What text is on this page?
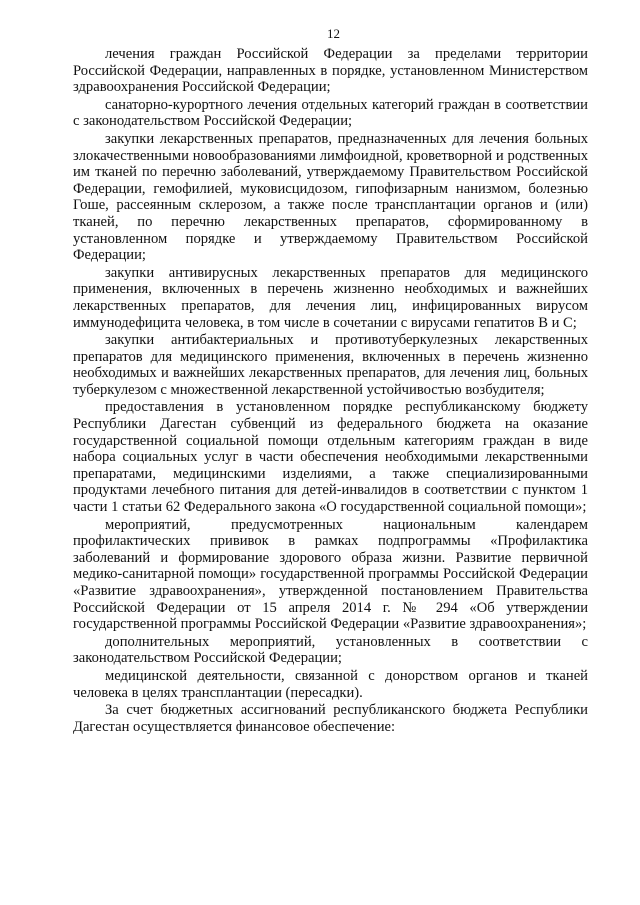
12

лечения граждан Российской Федерации за пределами территории Российской Федерации, направленных в порядке, установленном Министерством здравоохранения Российской Федерации;

санаторно-курортного лечения отдельных категорий граждан в соответствии с законодательством Российской Федерации;

закупки лекарственных препаратов, предназначенных для лечения больных злокачественными новообразованиями лимфоидной, кроветворной и родственных им тканей по перечню заболеваний, утверждаемому Правительством Российской Федерации, гемофилией, муковисцидозом, гипофизарным нанизмом, болезнью Гоше, рассеянным склерозом, а также после трансплантации органов и (или) тканей, по перечню лекарственных препаратов, сформированному в установленном порядке и утверждаемому Правительством Российской Федерации;

закупки антивирусных лекарственных препаратов для медицинского применения, включенных в перечень жизненно необходимых и важнейших лекарственных препаратов, для лечения лиц, инфицированных вирусом иммунодефицита человека, в том числе в сочетании с вирусами гепатитов В и С;

закупки антибактериальных и противотуберкулезных лекарственных препаратов для медицинского применения, включенных в перечень жизненно необходимых и важнейших лекарственных препаратов, для лечения лиц, больных туберкулезом с множественной лекарственной устойчивостью возбудителя;

предоставления в установленном порядке республиканскому бюджету Республики Дагестан субвенций из федерального бюджета на оказание государственной социальной помощи отдельным категориям граждан в виде набора социальных услуг в части обеспечения необходимыми лекарственными препаратами, медицинскими изделиями, а также специализированными продуктами лечебного питания для детей-инвалидов в соответствии с пунктом 1 части 1 статьи 62 Федерального закона «О государственной социальной помощи»;

мероприятий, предусмотренных национальным календарем профилактических прививок в рамках подпрограммы «Профилактика заболеваний и формирование здорового образа жизни. Развитие первичной медико-санитарной помощи» государственной программы Российской Федерации «Развитие здравоохранения», утвержденной постановлением Правительства Российской Федерации от 15 апреля 2014 г. № 294 «Об утверждении государственной программы Российской Федерации «Развитие здравоохранения»;

дополнительных мероприятий, установленных в соответствии с законодательством Российской Федерации;

медицинской деятельности, связанной с донорством органов и тканей человека в целях трансплантации (пересадки).

За счет бюджетных ассигнований республиканского бюджета Республики Дагестан осуществляется финансовое обеспечение:
